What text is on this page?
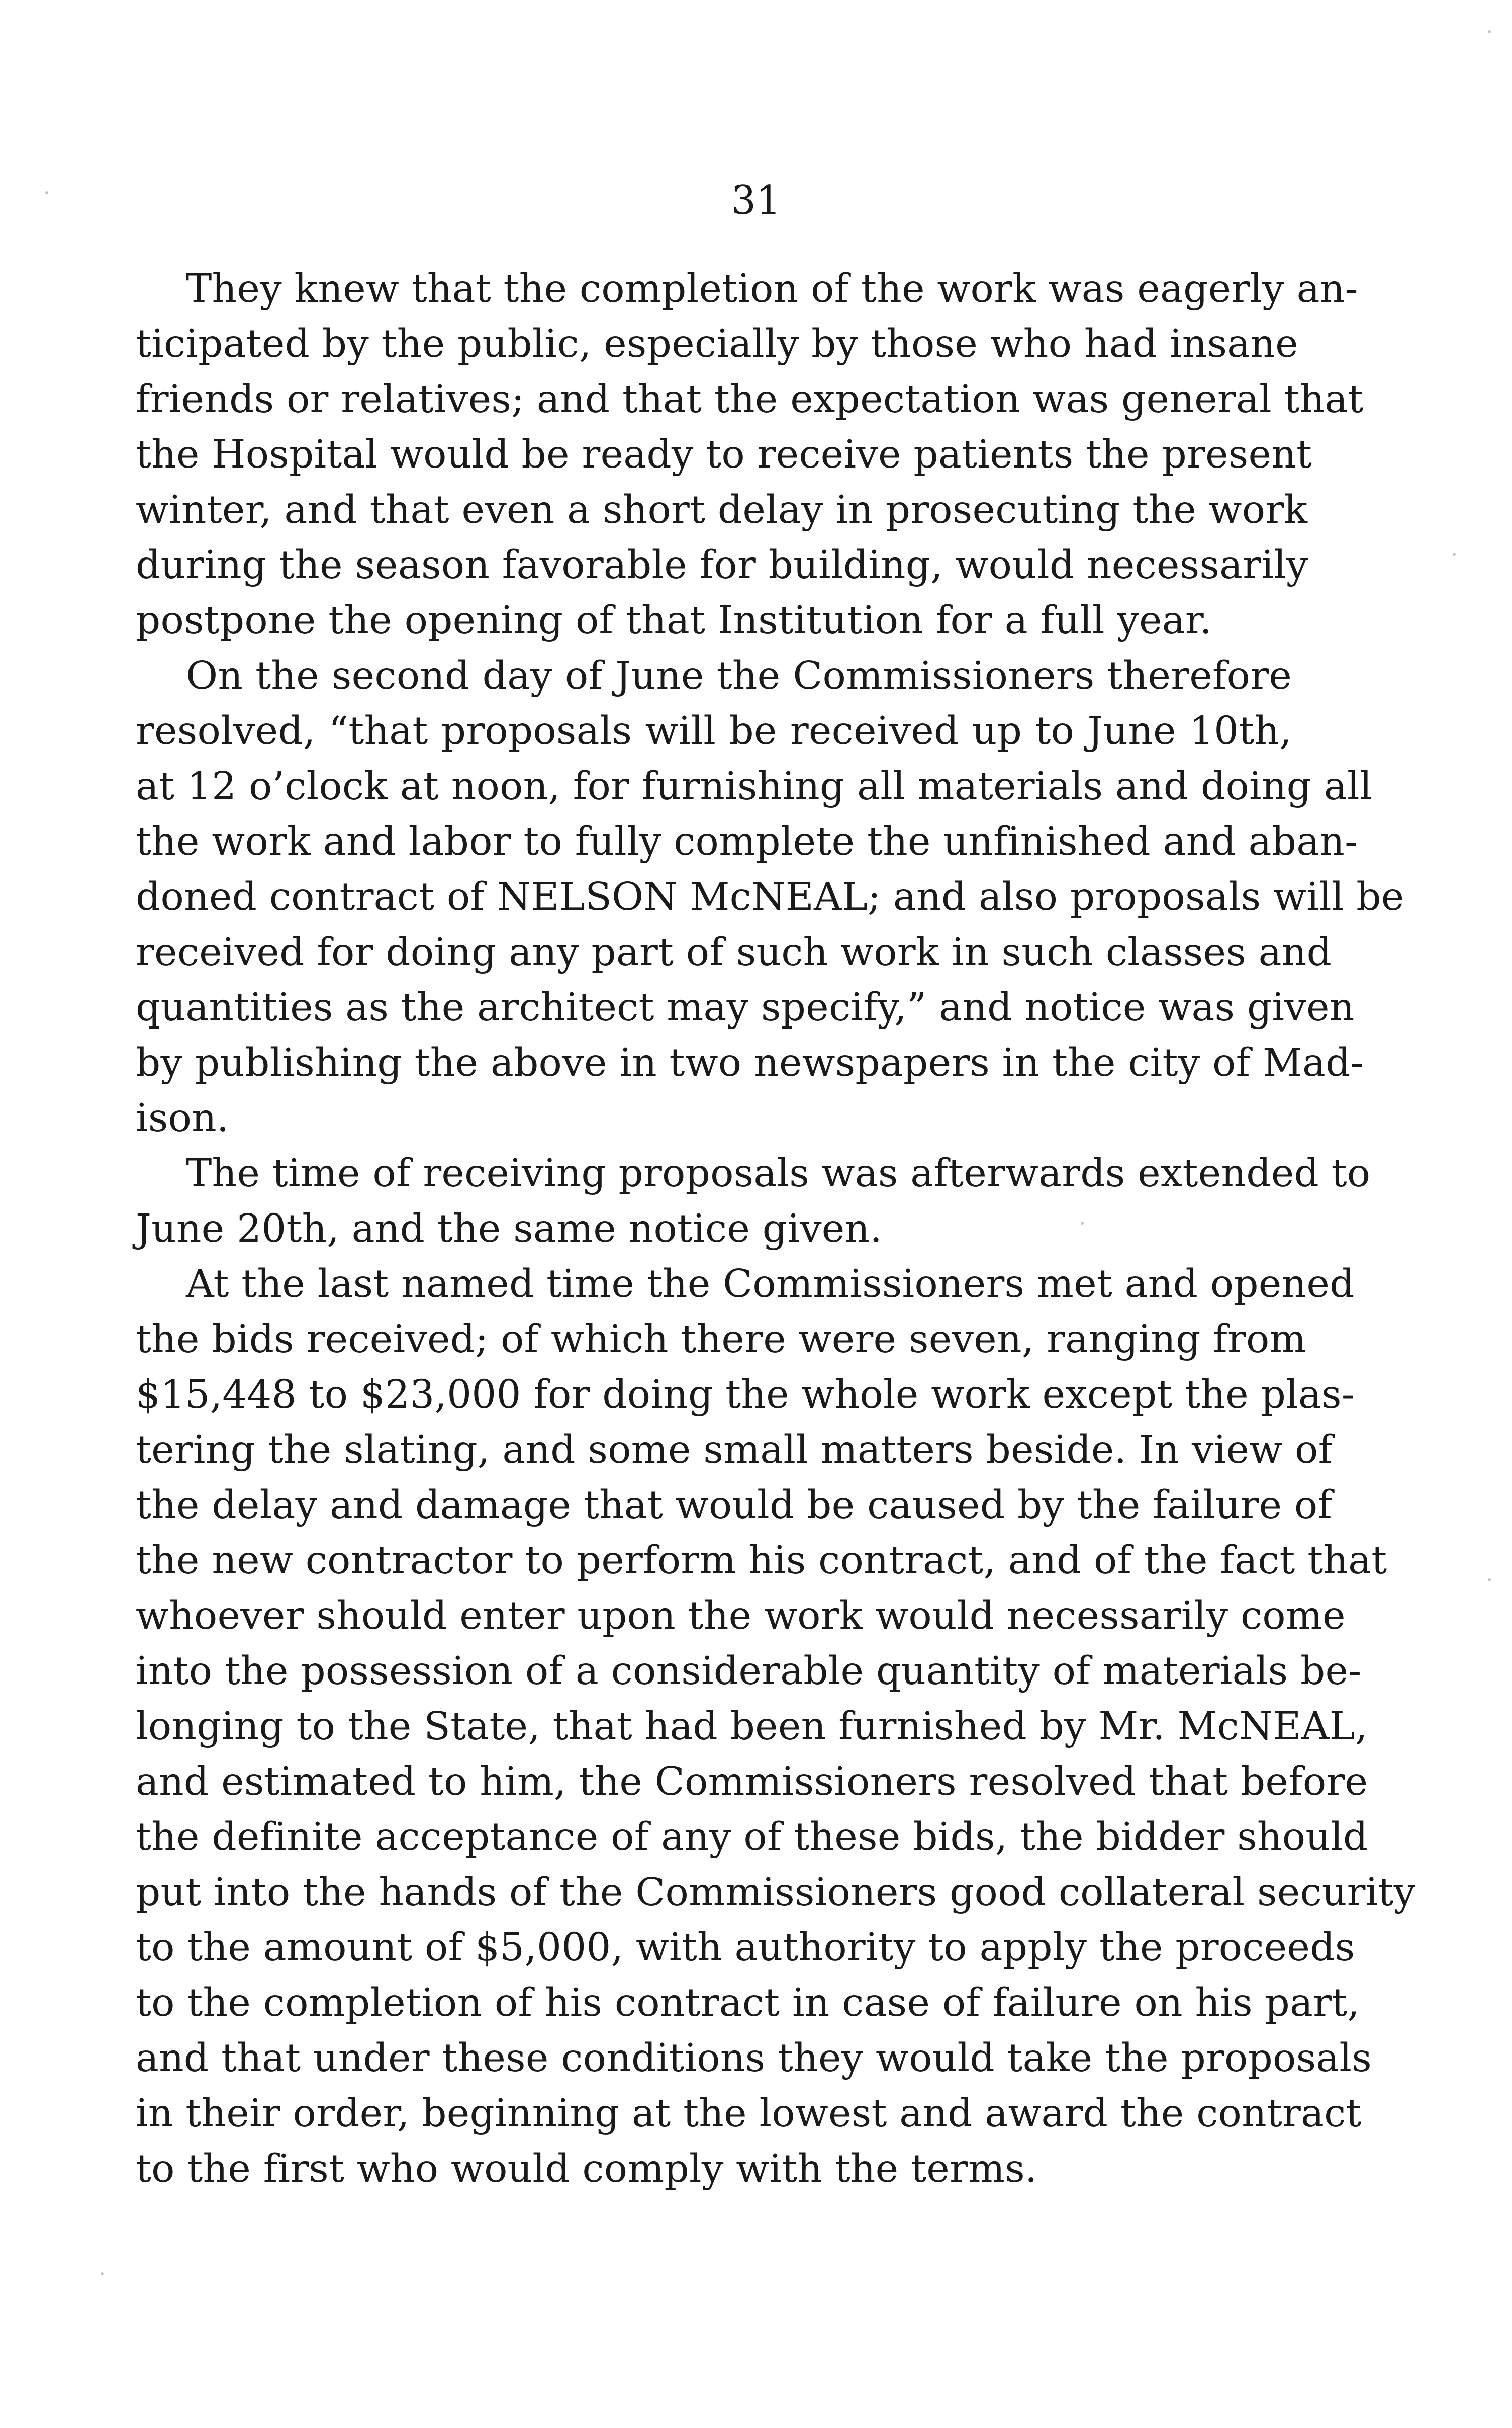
31
They knew that the completion of the work was eagerly an-
ticipated by the public, especially by those who had insane
friends or relatives; and that the expectation was general that
the Hospital would be ready to receive patients the present
winter, and that even a short delay in prosecuting the work
during the season favorable for building, would necessarily
postpone the opening of that Institution for a full year.
On the second day of June the Commissioners therefore
resolved, “that proposals will be received up to June 10th,
at 12 o’clock at noon, for furnishing all materials and doing all
the work and labor to fully complete the unfinished and aban-
doned contract of NELSON McNEAL; and also proposals will be
received for doing any part of such work in such classes and
quantities as the architect may specify,” and notice was given
by publishing the above in two newspapers in the city of Mad-
ison.
The time of receiving proposals was afterwards extended to
June 20th, and the same notice given.
At the last named time the Commissioners met and opened
the bids received; of which there were seven, ranging from
$15,448 to $23,000 for doing the whole work except the plas-
tering the slating, and some small matters beside. In view of
the delay and damage that would be caused by the failure of
the new contractor to perform his contract, and of the fact that
whoever should enter upon the work would necessarily come
into the possession of a considerable quantity of materials be-
longing to the State, that had been furnished by Mr. McNEAL,
and estimated to him, the Commissioners resolved that before
the definite acceptance of any of these bids, the bidder should
put into the hands of the Commissioners good collateral security
to the amount of $5,000, with authority to apply the proceeds
to the completion of his contract in case of failure on his part,
and that under these conditions they would take the proposals
in their order, beginning at the lowest and award the contract
to the first who would comply with the terms.
